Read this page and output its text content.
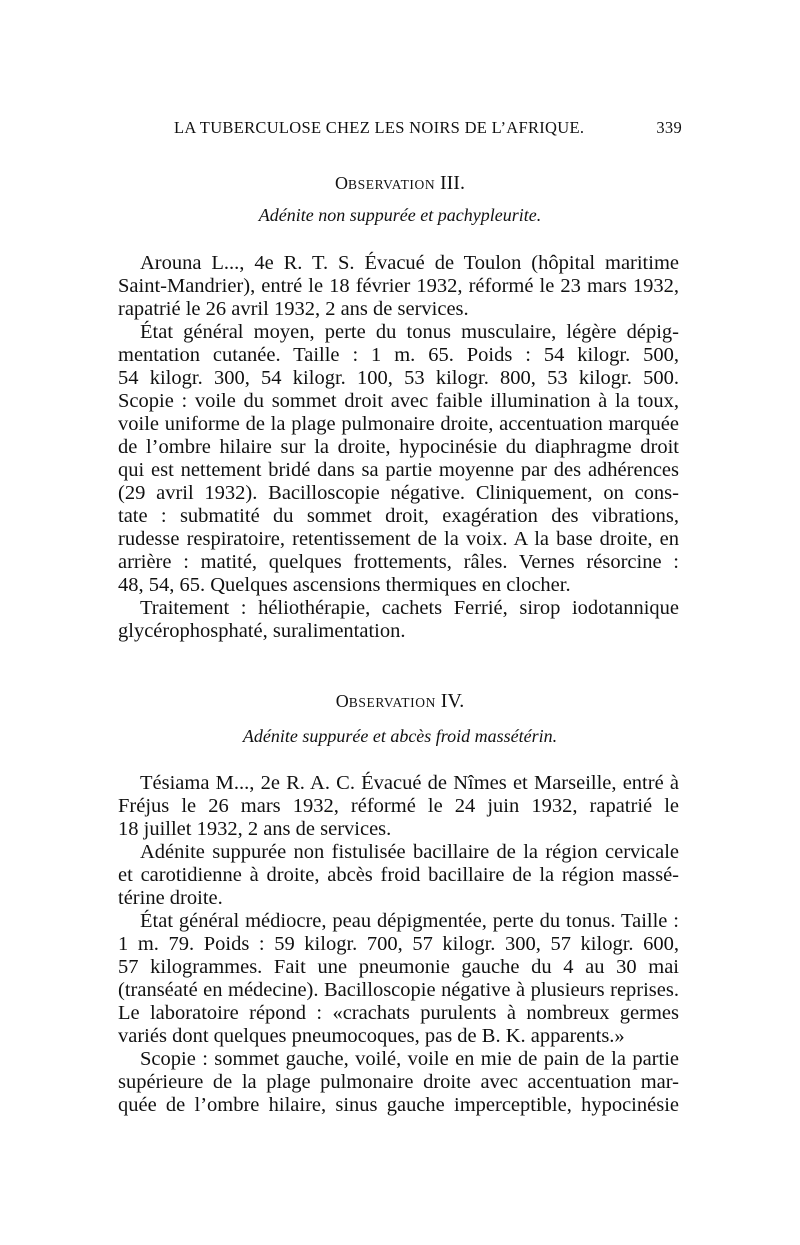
LA TUBERCULOSE CHEZ LES NOIRS DE L’AFRIQUE.	339
OBSERVATION III.
Adénite non suppurée et pachypleurite.
Arouna L..., 4e R. T. S. Évacué de Toulon (hôpital maritime
Saint-Mandrier), entré le 18 février 1932, réformé le 23 mars 1932,
rapatrié le 26 avril 1932, 2 ans de services.
État général moyen, perte du tonus musculaire, légère dépig-
mentation cutanée. Taille : 1 m. 65. Poids : 54 kilogr. 500,
54 kilogr. 300, 54 kilogr. 100, 53 kilogr. 800, 53 kilogr. 500.
Scopie : voile du sommet droit avec faible illumination à la toux,
voile uniforme de la plage pulmonaire droite, accentuation marquée
de l’ombre hilaire sur la droite, hypocinésie du diaphragme droit
qui est nettement bridé dans sa partie moyenne par des adhérences
(29 avril 1932). Bacilloscopie négative. Cliniquement, on cons-
tate : submatité du sommet droit, exagération des vibrations,
rudesse respiratoire, retentissement de la voix. A la base droite, en
arrière : matité, quelques frottements, râles. Vernes résorcine :
48, 54, 65. Quelques ascensions thermiques en clocher.
Traitement : héliothérapie, cachets Ferrié, sirop iodotannique
glycérophosphaté, suralimentation.
OBSERVATION IV.
Adénite suppurée et abcès froid massétérin.
Tésiama M..., 2e R. A. C. Évacué de Nîmes et Marseille, entré à
Fréjus le 26 mars 1932, réformé le 24 juin 1932, rapatrié le
18 juillet 1932, 2 ans de services.
Adénite suppurée non fistulisée bacillaire de la région cervicale
et carotidienne à droite, abcès froid bacillaire de la région massé-
térine droite.
État général médiocre, peau dépigmentée, perte du tonus. Taille :
1 m. 79. Poids : 59 kilogr. 700, 57 kilogr. 300, 57 kilogr. 600,
57 kilogrammes. Fait une pneumonie gauche du 4 au 30 mai
(transéaté en médecine). Bacilloscopie négative à plusieurs reprises.
Le laboratoire répond : «crachats purulents à nombreux germes
variés dont quelques pneumocoques, pas de B. K. apparents.»
Scopie : sommet gauche, voilé, voile en mie de pain de la partie
supérieure de la plage pulmonaire droite avec accentuation mar-
quée de l’ombre hilaire, sinus gauche imperceptible, hypocinésie
